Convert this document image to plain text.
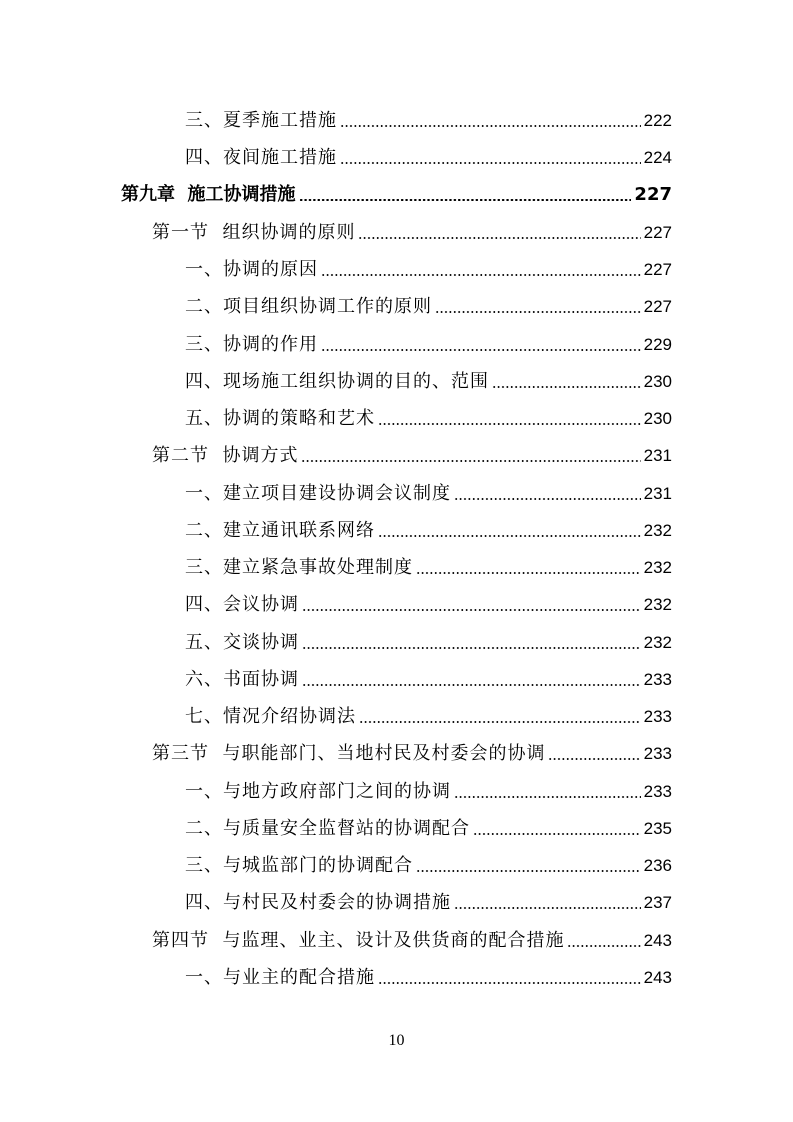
三、夏季施工措施	222
四、夜间施工措施	224
第九章  施工协调措施	227
第一节  组织协调的原则	227
一、协调的原因	227
二、项目组织协调工作的原则	227
三、协调的作用	229
四、现场施工组织协调的目的、范围	230
五、协调的策略和艺术	230
第二节  协调方式	231
一、建立项目建设协调会议制度	231
二、建立通讯联系网络	232
三、建立紧急事故处理制度	232
四、会议协调	232
五、交谈协调	232
六、书面协调	233
七、情况介绍协调法	233
第三节  与职能部门、当地村民及村委会的协调	233
一、与地方政府部门之间的协调	233
二、与质量安全监督站的协调配合	235
三、与城监部门的协调配合	236
四、与村民及村委会的协调措施	237
第四节  与监理、业主、设计及供货商的配合措施	243
一、与业主的配合措施	243
10
